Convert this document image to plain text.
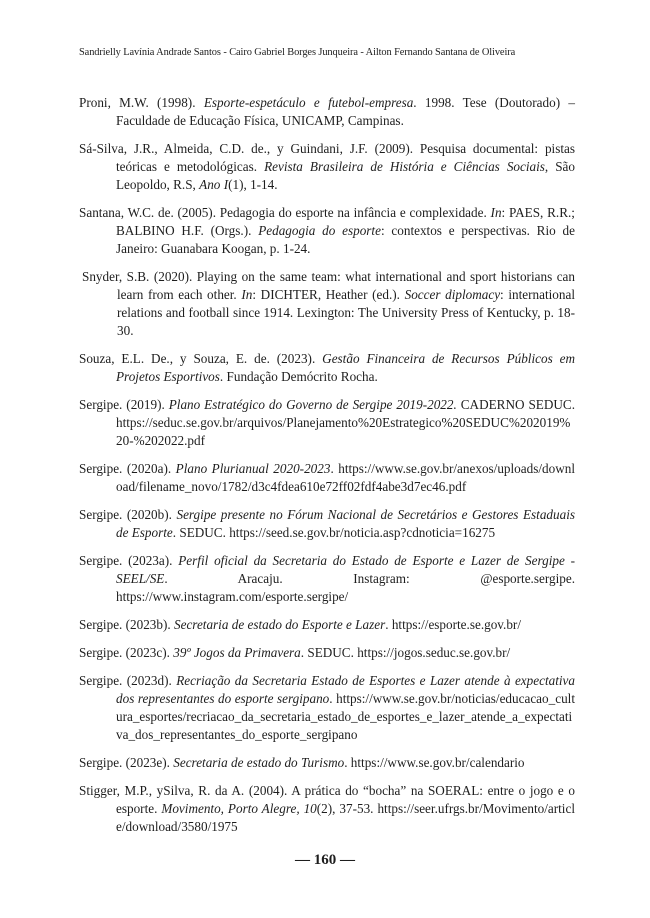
Sandrielly Lavínia Andrade Santos - Cairo Gabriel Borges Junqueira - Ailton Fernando Santana de Oliveira

Proni, M.W. (1998). Esporte-espetáculo e futebol-empresa. 1998. Tese (Doutorado) – Faculdade de Educação Física, UNICAMP, Campinas.

Sá-Silva, J.R., Almeida, C.D. de., y Guindani, J.F. (2009). Pesquisa documental: pistas teóricas e metodológicas. Revista Brasileira de História e Ciências Sociais, São Leopoldo, R.S, Ano I(1), 1-14.

Santana, W.C. de. (2005). Pedagogia do esporte na infância e complexidade. In: PAES, R.R.; BALBINO H.F. (Orgs.). Pedagogia do esporte: contextos e perspectivas. Rio de Janeiro: Guanabara Koogan, p. 1-24.

Snyder, S.B. (2020). Playing on the same team: what international and sport historians can learn from each other. In: DICHTER, Heather (ed.). Soccer diplomacy: international relations and football since 1914. Lexington: The University Press of Kentucky, p. 18-30.

Souza, E.L. De., y Souza, E. de. (2023). Gestão Financeira de Recursos Públicos em Projetos Esportivos. Fundação Demócrito Rocha.

Sergipe. (2019). Plano Estratégico do Governo de Sergipe 2019-2022. CADERNO SEDUC. https://seduc.se.gov.br/arquivos/Planejamento%20Estrategico%20SEDUC%202019%20-%202022.pdf

Sergipe. (2020a). Plano Plurianual 2020-2023. https://www.se.gov.br/anexos/uploads/download/filename_novo/1782/d3c4fdea610e72ff02fdf4abe3d7ec46.pdf

Sergipe. (2020b). Sergipe presente no Fórum Nacional de Secretários e Gestores Estaduais de Esporte. SEDUC. https://seed.se.gov.br/noticia.asp?cdnoticia=16275

Sergipe. (2023a). Perfil oficial da Secretaria do Estado de Esporte e Lazer de Sergipe - SEEL/SE. Aracaju. Instagram: @esporte.sergipe. https://www.instagram.com/esporte.sergipe/

Sergipe. (2023b). Secretaria de estado do Esporte e Lazer. https://esporte.se.gov.br/

Sergipe. (2023c). 39º Jogos da Primavera. SEDUC. https://jogos.seduc.se.gov.br/

Sergipe. (2023d). Recriação da Secretaria Estado de Esportes e Lazer atende à expectativa dos representantes do esporte sergipano. https://www.se.gov.br/noticias/educacao_cultura_esportes/recriacao_da_secretaria_estado_de_esportes_e_lazer_atende_a_expectativa_dos_representantes_do_esporte_sergipano

Sergipe. (2023e). Secretaria de estado do Turismo. https://www.se.gov.br/calendario

Stigger, M.P., ySilva, R. da A. (2004). A prática do “bocha” na SOERAL: entre o jogo e o esporte. Movimento, Porto Alegre, 10(2), 37-53. https://seer.ufrgs.br/Movimento/article/download/3580/1975

— 160 —
